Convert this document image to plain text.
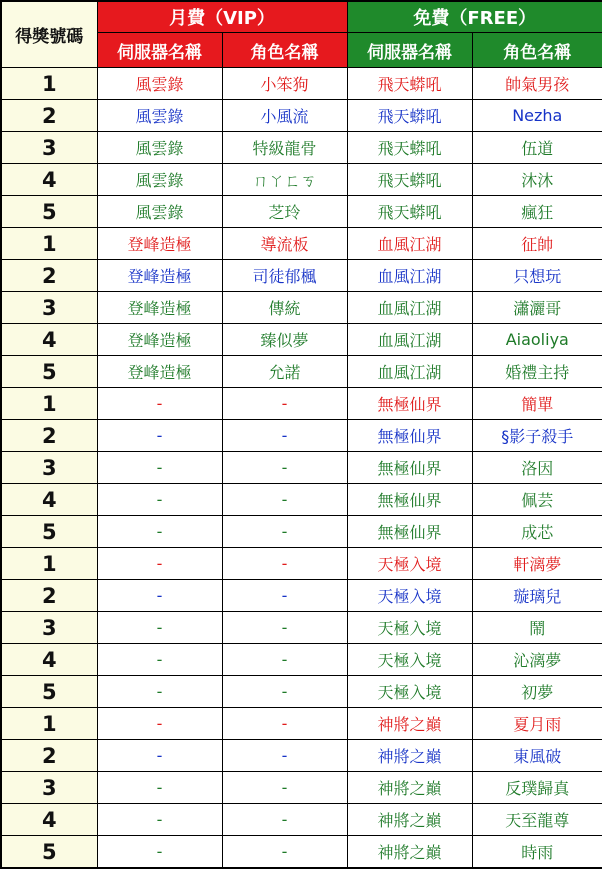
得獎號碼	月費（VIP）		免費（FREE）	
	伺服器名稱	角色名稱	伺服器名稱	角色名稱
1	風雲錄	小笨狗	飛天蟒吼	帥氣男孩
2	風雲錄	小風流	飛天蟒吼	Nezha
3	風雲錄	特級龍骨	飛天蟒吼	伍道
4	風雲錄	ㄇㄚㄈㄎ	飛天蟒吼	沐沐
5	風雲錄	芝玲	飛天蟒吼	瘋狂
1	登峰造極	導流板	血風江湖	征帥
2	登峰造極	司徒郁楓	血風江湖	只想玩
3	登峰造極	傳統	血風江湖	瀟灑哥
4	登峰造極	臻似夢	血風江湖	Aiaoliya
5	登峰造極	允諾	血風江湖	婚禮主持
1	-	-	無極仙界	簡單
2	-	-	無極仙界	§影子殺手
3	-	-	無極仙界	洛因
4	-	-	無極仙界	佩芸
5	-	-	無極仙界	成芯
1	-	-	天極入境	軒漓夢
2	-	-	天極入境	璇璃兒
3	-	-	天極入境	鬧
4	-	-	天極入境	沁漓夢
5	-	-	天極入境	初夢
1	-	-	神將之巔	夏月雨
2	-	-	神將之巔	東風破
3	-	-	神將之巔	反璞歸真
4	-	-	神將之巔	天至龍尊
5	-	-	神將之巔	時雨
